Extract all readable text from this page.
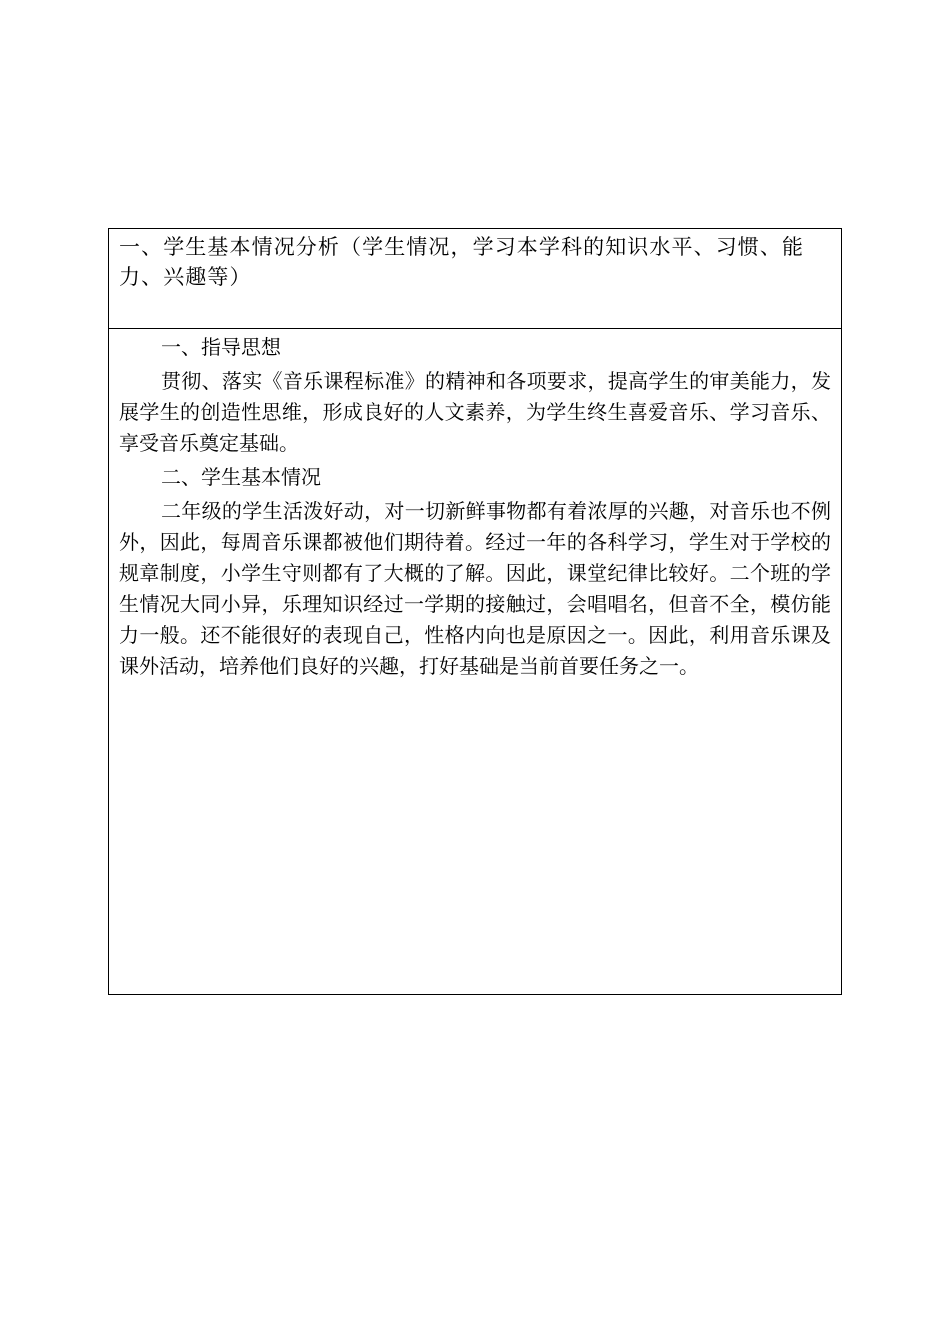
一、学生基本情况分析（学生情况，学习本学科的知识水平、习惯、能力、兴趣等）

一、指导思想

贯彻、落实《音乐课程标准》的精神和各项要求，提高学生的审美能力，发展学生的创造性思维，形成良好的人文素养，为学生终生喜爱音乐、学习音乐、享受音乐奠定基础。

二、学生基本情况

二年级的学生活泼好动，对一切新鲜事物都有着浓厚的兴趣，对音乐也不例外，因此，每周音乐课都被他们期待着。经过一年的各科学习，学生对于学校的规章制度，小学生守则都有了大概的了解。因此，课堂纪律比较好。二个班的学生情况大同小异，乐理知识经过一学期的接触过，会唱唱名，但音不全，模仿能力一般。还不能很好的表现自己，性格内向也是原因之一。因此，利用音乐课及课外活动，培养他们良好的兴趣，打好基础是当前首要任务之一。
